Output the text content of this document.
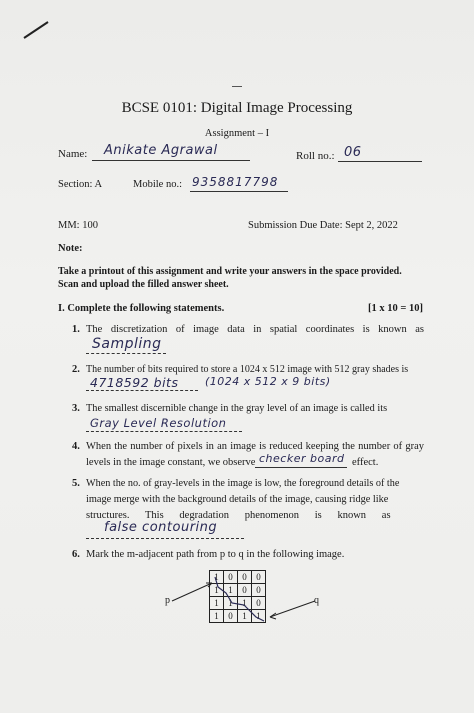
BCSE 0101: Digital Image Processing
Assignment – I
Name: Anikate Agrawal	Roll no.: 06
Section: A	Mobile no.: 9358817798
MM: 100	Submission Due Date: Sept 2, 2022
Note:
Take a printout of this assignment and write your answers in the space provided.
Scan and upload the filled answer sheet.
I. Complete the following statements.	[1 x 10 = 10]
1. The discretization of image data in spatial coordinates is known as
Sampling
2. The number of bits required to store a 1024 x 512 image with 512 gray shades is
4718592 bits (1024 x 512 x 9 bits)
3. The smallest discernible change in the gray level of an image is called its
Gray Level Resolution
4. When the number of pixels in an image is reduced keeping the number of gray
levels in the image constant, we observe checker board effect.
5. When the no. of gray-levels in the image is low, the foreground details of the
image merge with the background details of the image, causing ridge like
structures.      This      degradation      phenomenon      is      known      as
false contouring
6. Mark the m-adjacent path from p to q in the following image.
1	0	0	0
1	1	0	0
1	1	1	0
1	0	1	1
p	q
